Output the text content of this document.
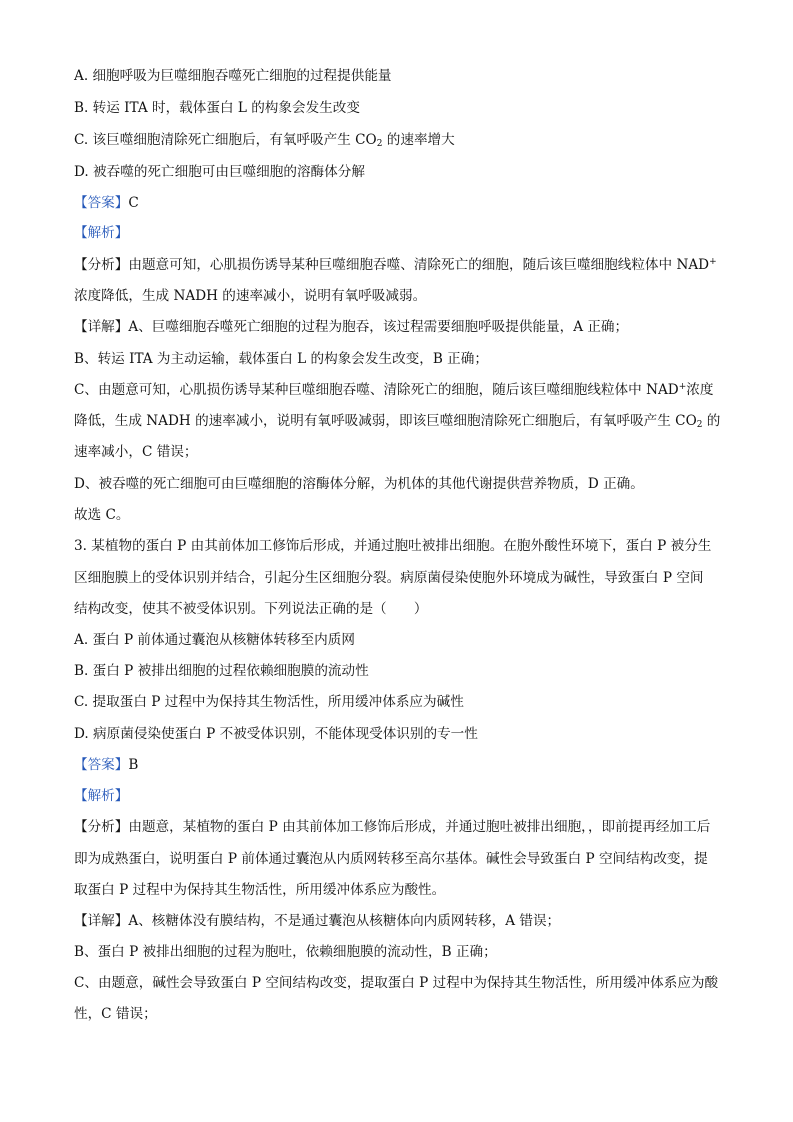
A. 细胞呼吸为巨噬细胞吞噬死亡细胞的过程提供能量
B. 转运 ITA 时，载体蛋白 L 的构象会发生改变
C. 该巨噬细胞清除死亡细胞后，有氧呼吸产生 $CO_2$ 的速率增大
D. 被吞噬的死亡细胞可由巨噬细胞的溶酶体分解
【答案】C
【解析】
【分析】由题意可知，心肌损伤诱导某种巨噬细胞吞噬、清除死亡的细胞，随后该巨噬细胞线粒体中 NAD+
浓度降低，生成 NADH 的速率减小，说明有氧呼吸减弱。
【详解】A、巨噬细胞吞噬死亡细胞的过程为胞吞，该过程需要细胞呼吸提供能量，A 正确；
B、转运 ITA 为主动运输，载体蛋白 L 的构象会发生改变，B 正确；
C、由题意可知，心肌损伤诱导某种巨噬细胞吞噬、清除死亡的细胞，随后该巨噬细胞线粒体中 NAD+浓度
降低，生成 NADH 的速率减小，说明有氧呼吸减弱，即该巨噬细胞清除死亡细胞后，有氧呼吸产生 $CO_2$ 的
速率减小，C 错误；
D、被吞噬的死亡细胞可由巨噬细胞的溶酶体分解，为机体的其他代谢提供营养物质，D 正确。
故选 C。
3. 某植物的蛋白 P 由其前体加工修饰后形成，并通过胞吐被排出细胞。在胞外酸性环境下，蛋白 P 被分生
区细胞膜上的受体识别并结合，引起分生区细胞分裂。病原菌侵染使胞外环境成为碱性，导致蛋白 P 空间
结构改变，使其不被受体识别。下列说法正确的是（　　）
A. 蛋白 P 前体通过囊泡从核糖体转移至内质网
B. 蛋白 P 被排出细胞的过程依赖细胞膜的流动性
C. 提取蛋白 P 过程中为保持其生物活性，所用缓冲体系应为碱性
D. 病原菌侵染使蛋白 P 不被受体识别，不能体现受体识别的专一性
【答案】B
【解析】
【分析】由题意，某植物的蛋白 P 由其前体加工修饰后形成，并通过胞吐被排出细胞，，即前提再经加工后
即为成熟蛋白，说明蛋白 P 前体通过囊泡从内质网转移至高尔基体。碱性会导致蛋白 P 空间结构改变，提
取蛋白 P 过程中为保持其生物活性，所用缓冲体系应为酸性。
【详解】A、核糖体没有膜结构，不是通过囊泡从核糖体向内质网转移，A 错误；
B、蛋白 P 被排出细胞的过程为胞吐，依赖细胞膜的流动性，B 正确；
C、由题意，碱性会导致蛋白 P 空间结构改变，提取蛋白 P 过程中为保持其生物活性，所用缓冲体系应为酸
性，C 错误；
